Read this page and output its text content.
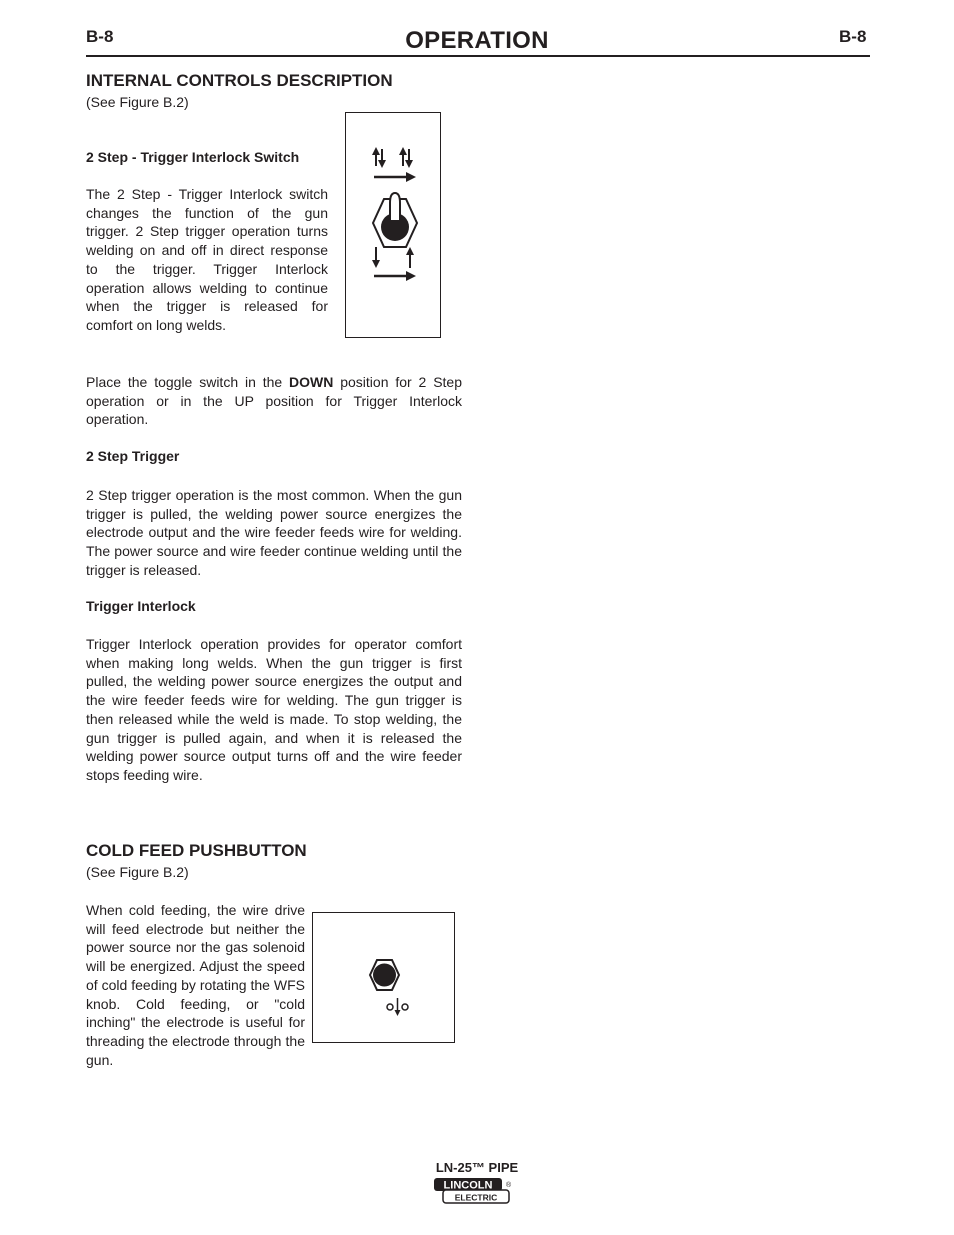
B-8	OPERATION	B-8
INTERNAL CONTROLS DESCRIPTION
(See Figure B.2)
2 Step - Trigger Interlock Switch

The 2 Step - Trigger Interlock switch changes the function of the gun trigger. 2 Step trigger operation turns welding on and off in direct response to the trigger. Trigger Interlock operation allows welding to continue when the trigger is released for comfort on long welds.

Place the toggle switch in the DOWN position for 2 Step operation or in the UP position for Trigger Interlock operation.

2 Step Trigger

2 Step trigger operation is the most common. When the gun trigger is pulled, the welding power source energizes the electrode output and the wire feeder feeds wire for welding. The power source and wire feeder continue welding until the trigger is released.

Trigger Interlock

Trigger Interlock operation provides for operator comfort when making long welds. When the gun trigger is first pulled, the welding power source energizes the output and the wire feeder feeds wire for welding. The gun trigger is then released while the weld is made. To stop welding, the gun trigger is pulled again, and when it is released the welding power source output turns off and the wire feeder stops feeding wire.

COLD FEED PUSHBUTTON
(See Figure B.2)

When cold feeding, the wire drive will feed electrode but neither the power source nor the gas solenoid will be energized. Adjust the speed of cold feeding by rotating the WFS knob. Cold feeding, or "cold inching" the electrode is useful for threading the electrode through the gun.

LN-25™ PIPE
LINCOLN
ELECTRIC
®
